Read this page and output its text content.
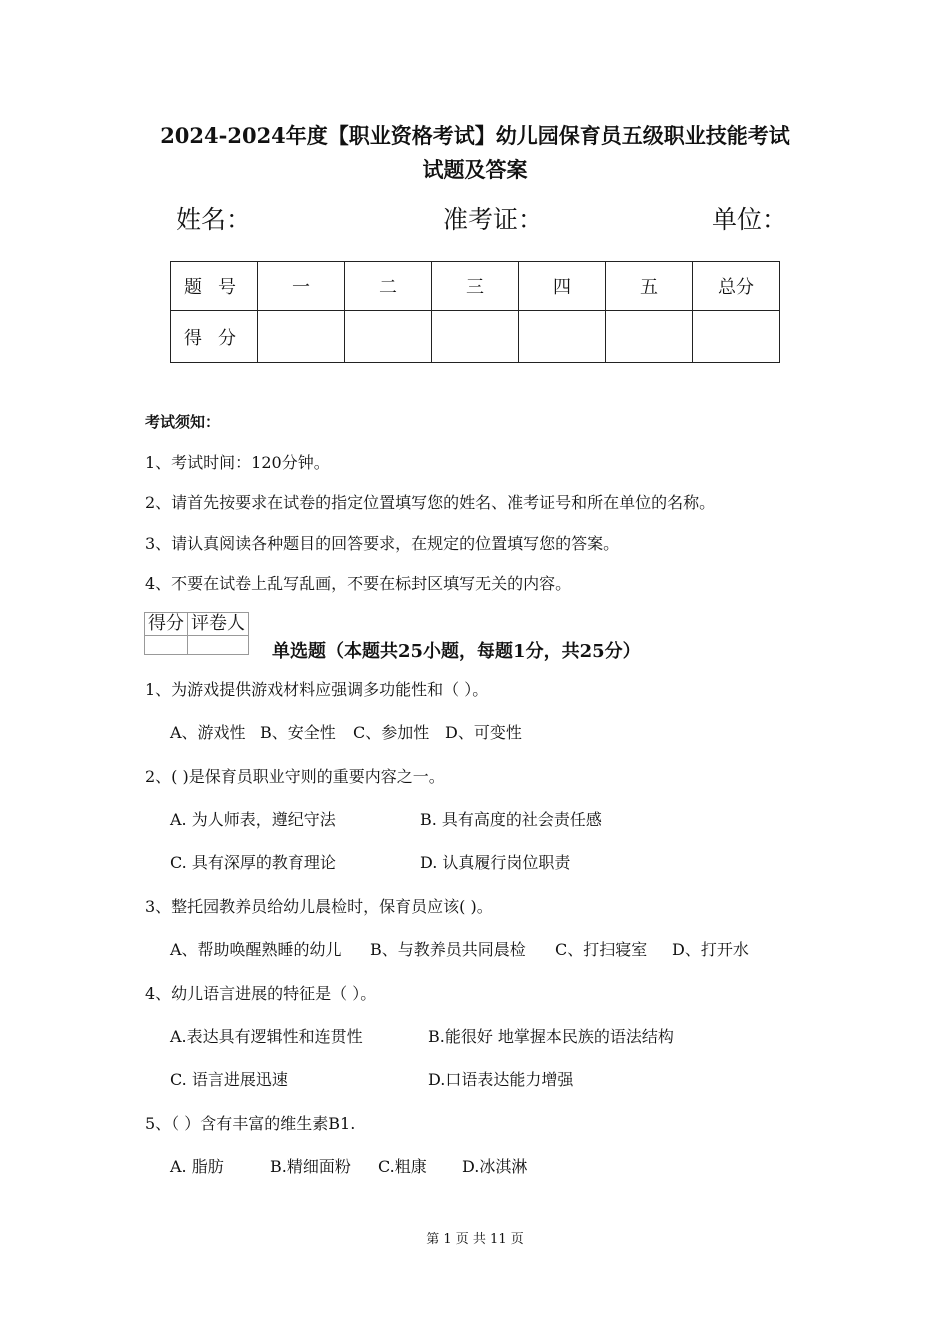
2024-2024年度【职业资格考试】幼儿园保育员五级职业技能考试
试题及答案
姓名：	准考证：	单位：
题号	一	二	三	四	五	总分
得分						
考试须知：
1、考试时间：120分钟。
2、请首先按要求在试卷的指定位置填写您的姓名、准考证号和所在单位的名称。
3、请认真阅读各种题目的回答要求，在规定的位置填写您的答案。
4、不要在试卷上乱写乱画，不要在标封区填写无关的内容。
得分	评卷人

单选题（本题共25小题，每题1分，共25分）
1、为游戏提供游戏材料应强调多功能性和（ ）。
A、游戏性 B、安全性 C、参加性 D、可变性
2、( )是保育员职业守则的重要内容之一。
A. 为人师表，遵纪守法	B. 具有高度的社会责任感
C. 具有深厚的教育理论	D. 认真履行岗位职责
3、整托园教养员给幼儿晨检时，保育员应该( )。
A、帮助唤醒熟睡的幼儿 B、与教养员共同晨检 C、打扫寝室 D、打开水
4、幼儿语言进展的特征是（ ）。
A.表达具有逻辑性和连贯性	B.能很好 地掌握本民族的语法结构
C. 语言进展迅速	D.口语表达能力增强
5、（ ）含有丰富的维生素B1.
A. 脂肪	B.精细面粉 C.粗康 D.冰淇淋
第 1 页 共 11 页
